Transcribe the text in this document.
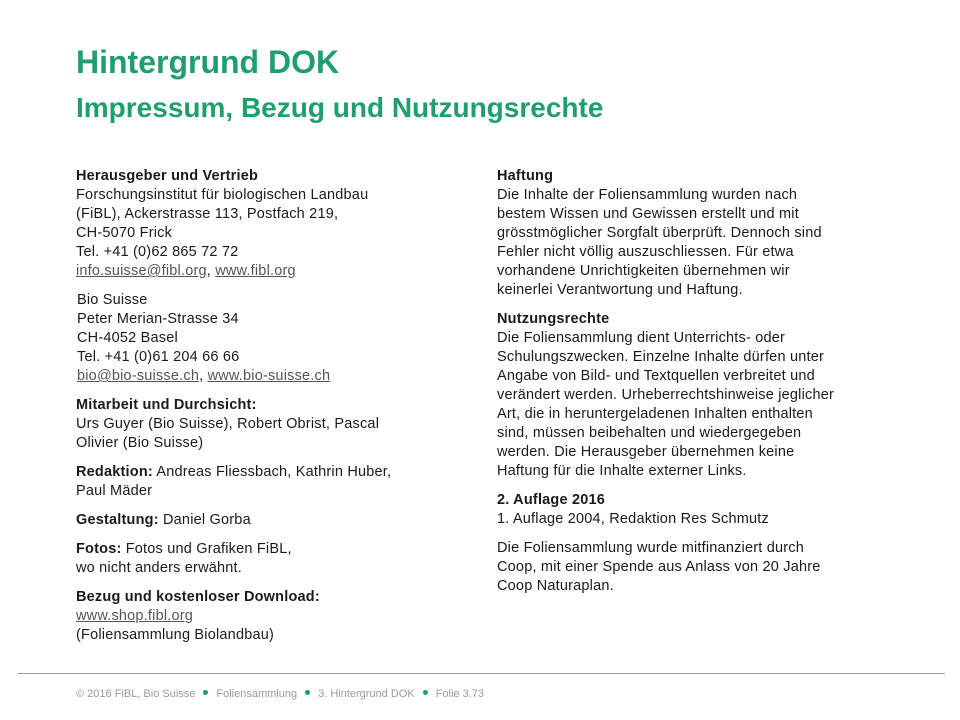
Hintergrund DOK
Impressum, Bezug und Nutzungsrechte
Herausgeber und Vertrieb
Forschungsinstitut für biologischen Landbau
(FiBL), Ackerstrasse 113, Postfach 219,
CH-5070 Frick
Tel. +41 (0)62 865 72 72
info.suisse@fibl.org, www.fibl.org
Bio Suisse
Peter Merian-Strasse 34
CH-4052 Basel
Tel. +41 (0)61 204 66 66
bio@bio-suisse.ch, www.bio-suisse.ch
Mitarbeit und Durchsicht:
Urs Guyer (Bio Suisse), Robert Obrist, Pascal
Olivier (Bio Suisse)
Redaktion: Andreas Fliessbach, Kathrin Huber,
Paul Mäder
Gestaltung: Daniel Gorba
Fotos: Fotos und Grafiken FiBL,
wo nicht anders erwähnt.
Bezug und kostenloser Download:
www.shop.fibl.org
(Foliensammlung Biolandbau)
Haftung
Die Inhalte der Foliensammlung wurden nach
bestem Wissen und Gewissen erstellt und mit
grösstmöglicher Sorgfalt überprüft. Dennoch sind
Fehler nicht völlig auszuschliessen. Für etwa
vorhandene Unrichtigkeiten übernehmen wir
keinerlei Verantwortung und Haftung.
Nutzungsrechte
Die Foliensammlung dient Unterrichts- oder
Schulungszwecken. Einzelne Inhalte dürfen unter
Angabe von Bild- und Textquellen verbreitet und
verändert werden. Urheberrechtshinweise jeglicher
Art, die in heruntergeladenen Inhalten enthalten
sind, müssen beibehalten und wiedergegeben
werden. Die Herausgeber übernehmen keine
Haftung für die Inhalte externer Links.
2. Auflage 2016
1. Auflage 2004, Redaktion Res Schmutz
Die Foliensammlung wurde mitfinanziert durch
Coop, mit einer Spende aus Anlass von 20 Jahre
Coop Naturaplan.
© 2016 FiBL, Bio Suisse Foliensammlung 3. Hintergrund DOK Folie 3.73
